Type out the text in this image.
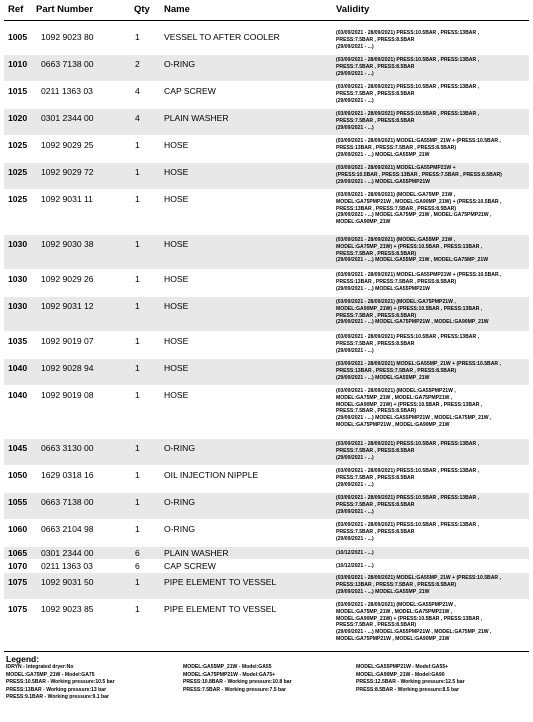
Ref Part Number	Qty Name	Validity
1005 1092 9023 80	1	VESSEL TO AFTER COOLER	(03/09/2021 - 28/09/2021) PRESS:10.5BAR , PRESS:13BAR ,
PRESS:7.5BAR , PRESS:8.5BAR
(29/09/2021 - ...)
1010 0663 7138 00	2	O-RING	(03/09/2021 - 28/09/2021) PRESS:10.5BAR , PRESS:13BAR ,
PRESS:7.5BAR , PRESS:8.5BAR
(29/09/2021 - ...)
1015 0211 1363 03	4	CAP SCREW	(03/09/2021 - 28/09/2021) PRESS:10.5BAR , PRESS:13BAR ,
PRESS:7.5BAR , PRESS:8.5BAR
(29/09/2021 - ...)
1020 0301 2344 00	4	PLAIN WASHER	(03/09/2021 - 28/09/2021) PRESS:10.5BAR , PRESS:13BAR ,
PRESS:7.5BAR , PRESS:8.5BAR
(29/09/2021 - ...)
1025 1092 9029 25	1	HOSE	(03/09/2021 - 28/09/2021) MODEL:GA55MP_21W + (PRESS:10.5BAR ,
PRESS:13BAR , PRESS:7.5BAR , PRESS:8.5BAR)
(29/09/2021 - ...) MODEL:GA55MP_21W
1025 1092 9029 72	1	HOSE	(03/09/2021 - 28/09/2021) MODEL:GA55PMP21W +
(PRESS:10.5BAR , PRESS:13BAR , PRESS:7.5BAR , PRESS:8.5BAR)
(29/09/2021 - ...) MODEL:GA55PMP21W
1025 1092 9031 11	1	HOSE	(03/09/2021 - 28/09/2021) (MODEL:GA75MP_21W ,
MODEL:GA75PMP21W , MODEL:GA90MP_21W) + (PRESS:10.5BAR ,
PRESS:13BAR , PRESS:7.5BAR , PRESS:8.5BAR)
(29/09/2021 - ...) MODEL:GA75MP_21W , MODEL:GA75PMP21W ,
MODEL:GA90MP_21W
1030 1092 9030 38	1	HOSE	(03/09/2021 - 28/09/2021) (MODEL:GA55MP_21W ,
MODEL:GA75MP_21W) + (PRESS:10.5BAR , PRESS:13BAR ,
PRESS:7.5BAR , PRESS:8.5BAR)
(29/09/2021 - ...) MODEL:GA55MP_21W , MODEL:GA75MP_21W
1030 1092 9029 26	1	HOSE	(03/09/2021 - 28/09/2021) MODEL:GA55PMP21W + (PRESS:10.5BAR ,
PRESS:13BAR , PRESS:7.5BAR , PRESS:8.5BAR)
(29/09/2021 - ...) MODEL:GA55PMP21W
1030 1092 9031 12	1	HOSE	(03/09/2021 - 28/09/2021) (MODEL:GA75PMP21W ,
MODEL:GA90MP_21W) + (PRESS:10.5BAR , PRESS:13BAR ,
PRESS:7.5BAR , PRESS:8.5BAR)
(29/09/2021 - ...) MODEL:GA75PMP21W , MODEL:GA90MP_21W
1035 1092 9019 07	1	HOSE	(03/09/2021 - 28/09/2021) PRESS:10.5BAR , PRESS:13BAR ,
PRESS:7.5BAR , PRESS:8.5BAR
(29/09/2021 - ...)
1040 1092 9028 94	1	HOSE	(03/09/2021 - 28/09/2021) MODEL:GA55MP_21W + (PRESS:10.5BAR ,
PRESS:13BAR , PRESS:7.5BAR , PRESS:8.5BAR)
(29/09/2021 - ...) MODEL:GA55MP_21W
1040 1092 9019 08	1	HOSE	(03/09/2021 - 28/09/2021) (MODEL:GA55PMP21W ,
MODEL:GA75MP_21W , MODEL:GA75PMP21W ,
MODEL:GA90MP_21W) + (PRESS:10.5BAR , PRESS:13BAR ,
PRESS:7.5BAR , PRESS:8.5BAR)
(29/09/2021 - ...) MODEL:GA55PMP21W , MODEL:GA75MP_21W ,
MODEL:GA75PMP21W , MODEL:GA90MP_21W
1045 0663 3130 00	1	O-RING	(03/09/2021 - 28/09/2021) PRESS:10.5BAR , PRESS:13BAR ,
PRESS:7.5BAR , PRESS:8.5BAR
(29/09/2021 - ...)
1050 1629 0318 16	1	OIL INJECTION NIPPLE	(03/09/2021 - 28/09/2021) PRESS:10.5BAR , PRESS:13BAR ,
PRESS:7.5BAR , PRESS:8.5BAR
(29/09/2021 - ...)
1055 0663 7138 00	1	O-RING	(03/09/2021 - 28/09/2021) PRESS:10.5BAR , PRESS:13BAR ,
PRESS:7.5BAR , PRESS:8.5BAR
(29/09/2021 - ...)
1060 0663 2104 98	1	O-RING	(03/09/2021 - 28/09/2021) PRESS:10.5BAR , PRESS:13BAR ,
PRESS:7.5BAR , PRESS:8.5BAR
(29/09/2021 - ...)
1065 0301 2344 00	6	PLAIN WASHER	(10/12/2021 - ...)
1070 0211 1363 03	6	CAP SCREW	(10/12/2021 - ...)
1075 1092 9031 50	1	PIPE ELEMENT TO VESSEL	(03/09/2021 - 28/09/2021) MODEL:GA55MP_21W + (PRESS:10.5BAR ,
PRESS:13BAR , PRESS:7.5BAR , PRESS:8.5BAR)
(29/09/2021 - ...) MODEL:GA55MP_21W
1075 1092 9023 85	1	PIPE ELEMENT TO VESSEL	(03/09/2021 - 28/09/2021) (MODEL:GA55PMP21W ,
MODEL:GA75MP_21W , MODEL:GA75PMP21W ,
MODEL:GA90MP_21W) + (PRESS:10.5BAR , PRESS:13BAR ,
PRESS:7.5BAR , PRESS:8.5BAR)
(29/09/2021 - ...) MODEL:GA55PMP21W , MODEL:GA75MP_21W ,
MODEL:GA75PMP21W , MODEL:GA90MP_21W
Legend:
IDRYN - Integrated dryer:No
MODEL:GA75MP_21W - Model:GA75
PRESS:10.5BAR - Working pressure:10.5 bar
PRESS:13BAR - Working pressure:13 bar
PRESS:9.1BAR - Working pressure:9.1 bar
MODEL:GA55MP_21W - Model:GA55
MODEL:GA75PMP21W - Model:GA75+
PRESS:10.8BAR - Working pressure:10.8 bar
PRESS:7.5BAR - Working pressure:7.5 bar
MODEL:GA55PMP21W - Model:GA55+
MODEL:GA90MP_21W - Model:GA90
PRESS:12.5BAR - Working pressure:12.5 bar
PRESS:8.5BAR - Working pressure:8.5 bar
